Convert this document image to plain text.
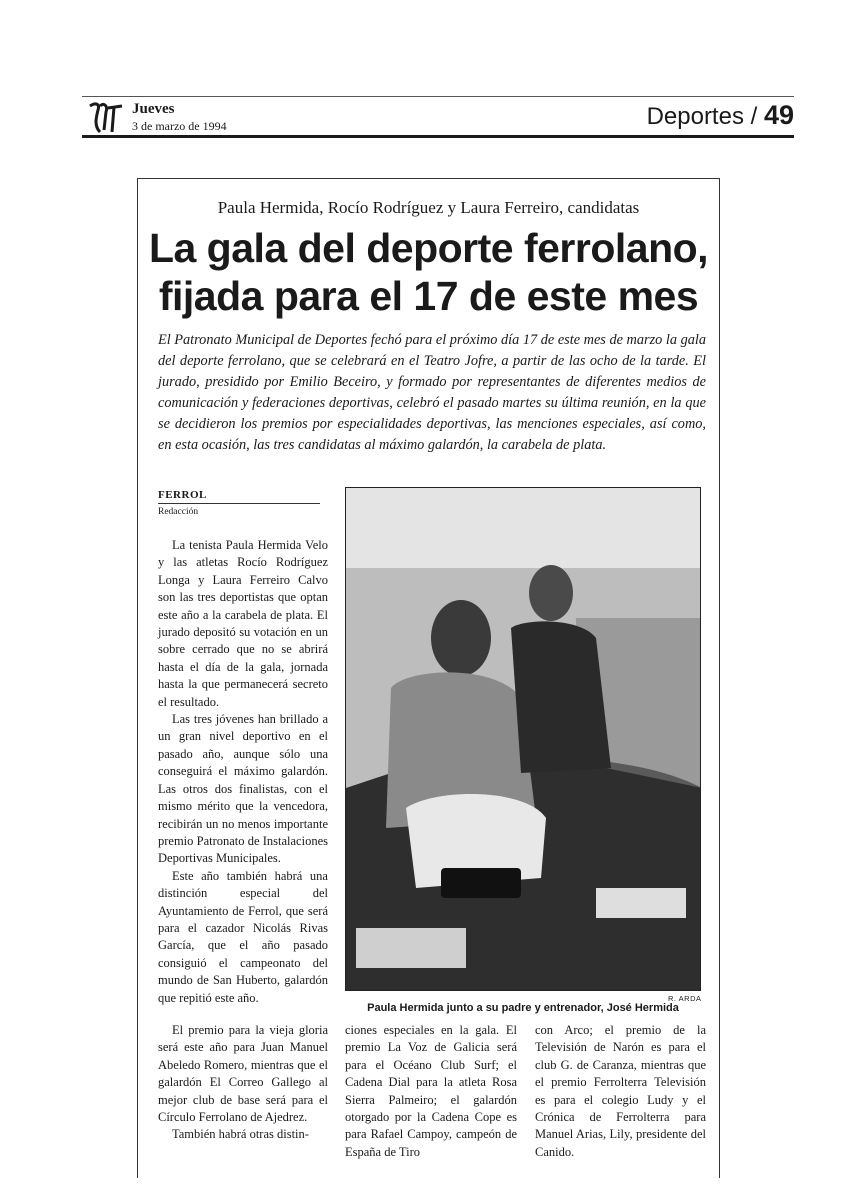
Jueves
3 de marzo de 1994	Deportes / 49
Paula Hermida, Rocío Rodríguez y Laura Ferreiro, candidatas
La gala del deporte ferrolano,
fijada para el 17 de este mes
El Patronato Municipal de Deportes fechó para el próximo día 17 de este mes de marzo la gala del deporte ferrolano, que se celebrará en el Teatro Jofre, a partir de las ocho de la tarde. El jurado, presidido por Emilio Beceiro, y formado por representantes de diferentes medios de comunicación y federaciones deportivas, celebró el pasado martes su última reunión, en la que se decidieron los premios por especialidades deportivas, las menciones especiales, así como, en esta ocasión, las tres candidatas al máximo galardón, la carabela de plata.
FERROL
Redacción

La tenista Paula Hermida Velo y las atletas Rocío Rodríguez Longa y Laura Ferreiro Calvo son las tres deportistas que optan este año a la carabela de plata. El jurado depositó su votación en un sobre cerrado que no se abrirá hasta el día de la gala, jornada hasta la que permanecerá secreto el resultado.

Las tres jóvenes han brillado a un gran nivel deportivo en el pasado año, aunque sólo una conseguirá el máximo galardón. Las otros dos finalistas, con el mismo mérito que la vencedora, recibirán un no menos importante premio Patronato de Instalaciones Deportivas Municipales.

Este año también habrá una distinción especial del Ayuntamiento de Ferrol, que será para el cazador Nicolás Rivas García, que el año pasado consiguió el campeonato del mundo de San Huberto, galardón que repitió este año.

El premio para la vieja gloria será este año para Juan Manuel Abeledo Romero, mientras que el galardón El Correo Gallego al mejor club de base será para el Círculo Ferrolano de Ajedrez.

También habrá otras distin-

ciones especiales en la gala. El premio La Voz de Galicia será para el Océano Club Surf; el Cadena Dial para la atleta Rosa Sierra Palmeiro; el galardón otorgado por la Cadena Cope es para Rafael Campoy, campeón de España de Tiro

con Arco; el premio de la Televisión de Narón es para el club G. de Caranza, mientras que el premio Ferrolterra Televisión es para el colegio Ludy y el Crónica de Ferrolterra para Manuel Arias, Lily, presidente del Canido.

R. ARDA
Paula Hermida junto a su padre y entrenador, José Hermida
